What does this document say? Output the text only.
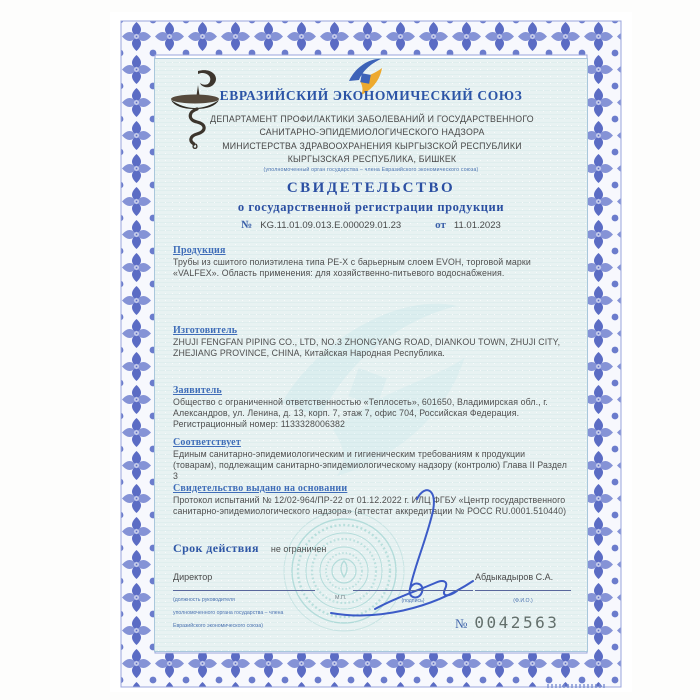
ЕВРАЗИЙСКИЙ ЭКОНОМИЧЕСКИЙ СОЮЗ
ДЕПАРТАМЕНТ ПРОФИЛАКТИКИ ЗАБОЛЕВАНИЙ И ГОСУДАРСТВЕННОГО
САНИТАРНО-ЭПИДЕМИОЛОГИЧЕСКОГО НАДЗОРА
МИНИСТЕРСТВА ЗДРАВООХРАНЕНИЯ КЫРГЫЗСКОЙ РЕСПУБЛИКИ
КЫРГЫЗСКАЯ РЕСПУБЛИКА, БИШКЕК
(уполномоченный орган государства – члена Евразийского экономического союза)
СВИДЕТЕЛЬСТВО
о государственной регистрации продукции
№ KG.11.01.09.013.E.000029.01.23	от 11.01.2023
Продукция
Трубы из сшитого полиэтилена типа PE-X с барьерным слоем EVOH, торговой марки «VALFEX». Область применения: для хозяйственно-питьевого водоснабжения.
Изготовитель
ZHUJI FENGFAN PIPING CO., LTD, NO.3 ZHONGYANG ROAD, DIANKOU TOWN, ZHUJI CITY, ZHEJIANG PROVINCE, CHINA, Китайская Народная Республика.
Заявитель
Общество с ограниченной ответственностью «Теплосеть», 601650, Владимирская обл., г. Александров, ул. Ленина, д. 13, корп. 7, этаж 7, офис 704, Российская Федерация. Регистрационный номер: 1133328006382
Соответствует
Единым санитарно-эпидемиологическим и гигиеническим требованиям к продукции (товарам), подлежащим санитарно-эпидемиологическому надзору (контролю) Глава II Раздел 3
Свидетельство выдано на основании
Протокол испытаний № 12/02-964/ПР-22 от 01.12.2022 г. ИЛЦ ФГБУ «Центр государственного санитарно-эпидемиологического надзора» (аттестат аккредитации № РОСС RU.0001.510440)
Срок действия не ограничен
Директор
(должность руководителя
уполномоченного органа государства – члена
Евразийского экономического союза)
М.П.	(подпись)
Абдыкадыров С.А.
(Ф.И.О.)
№ 0042563
